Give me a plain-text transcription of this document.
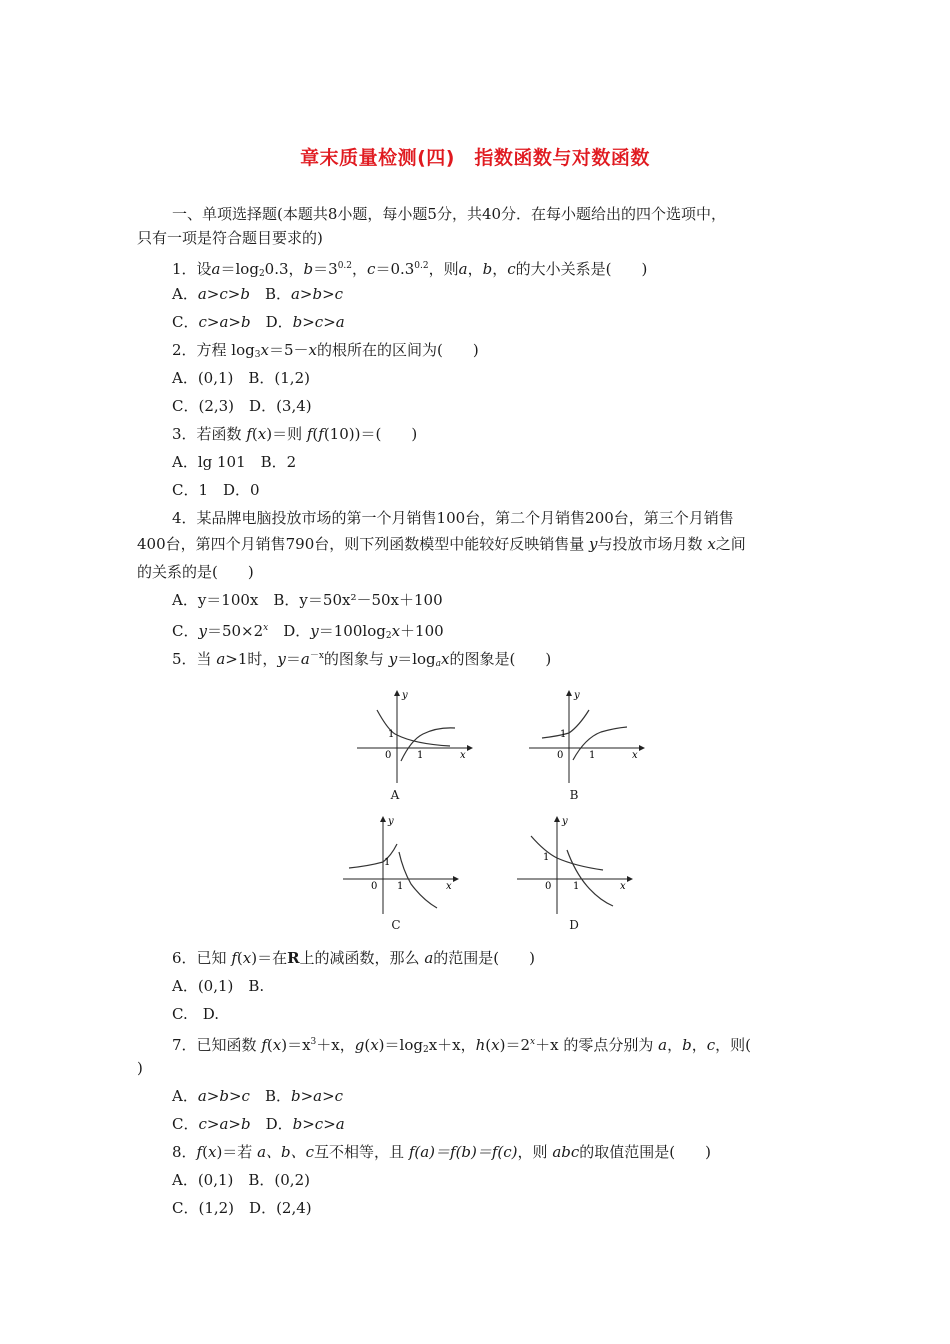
章末质量检测(四)　指数函数与对数函数
一、单项选择题(本题共8小题，每小题5分，共40分．在每小题给出的四个选项中，
只有一项是符合题目要求的)
1．设$a=\log_20.3$，$b=3^{0.2}$，$c=0.3^{0.2}$，则a，b，c的大小关系是(　　)
A．a>c>b　 B．a>b>c
C．c>a>b　 D．b>c>a
2．方程 $\log_3x=5-x$的根所在的区间为(　　)
A．(0,1)　B．(1,2)
C．(2,3)　D．(3,4)
3．若函数 f(x)＝则 f(f(10))＝(　　)
A．lg 101　B．2
C．1　D．0
4．某品牌电脑投放市场的第一个月销售100台，第二个月销售200台，第三个月销售
400台，第四个月销售790台，则下列函数模型中能较好反映销售量 y与投放市场月数 x之间
的关系的是(　　)
A．y＝100x　B．y＝50x²－50x＋100
C．$y=50\times 2^x$　D．$y=100\log_2x+100$
5．当 a>1时，$y=a^{-x}$的图象与 $y=\log_ax$的图象是(　　)
y
x
0
1
1
A
y
x
0
1
1
B
y
x
0
1
1
C
y
x
0
1
1
D
6．已知 f(x)＝在R上的减函数，那么 a的范围是(　　)
A．(0,1)　B.
C.　D.
7．已知函数 $f(x)=x^3+x$，$g(x)=\log_2x+x$，$h(x)=2^x+x$ 的零点分别为 a，b，c，则(
)
A．a>b>c　 B．b>a>c
C．c>a>b　 D．b>c>a
8．f(x)＝若 a、b、c互不相等，且 f(a)＝f(b)＝f(c)，则 abc的取值范围是(　　)
A．(0,1)　B．(0,2)
C．(1,2)　D．(2,4)
